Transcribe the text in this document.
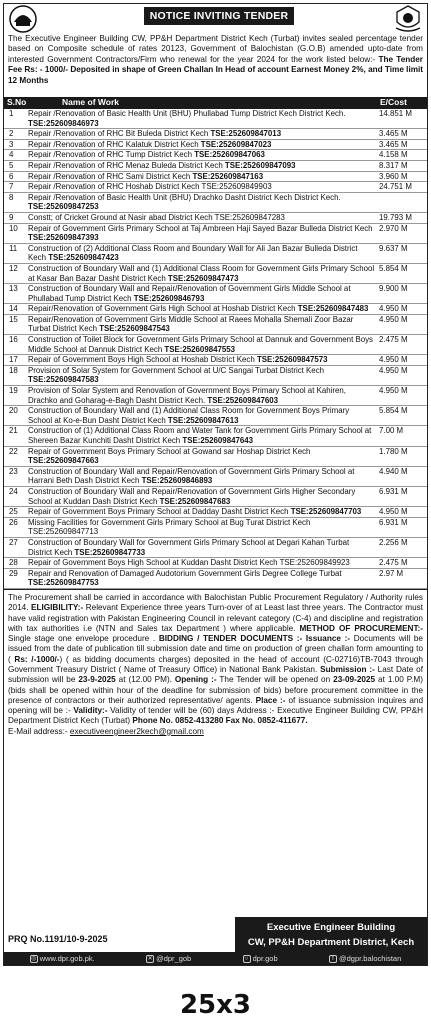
NOTICE INVITING TENDER
The Executive Engineer Building CW, PP&H Department District Kech (Turbat) invites sealed percentage tender based on Composite schedule of rates 20123, Government of Balochistan (G.O.B) amended upto-date from interested Government Contractors/Firm who renewal for the year 2024 for the work listed below:- The Tender Fee Rs: - 1000/- Deposited in shape of Green Challan In Head of account Earnest Money 2%, and Time limit 12 Months
S.No	Name of Work	E/Cost
1	Repair /Renovation of Basic Health Unit (BHU) Phullabad Tump District Kech District Kech. TSE:252609846973	14.851 M
2	Repair /Renovation of RHC Bit Buleda District Kech TSE:252609847013	3.465 M
3	Repair /Renovation of RHC Kalatuk District Kech TSE:252609847023	3.465 M
4	Repair /Renovation of RHC Tump District Kech TSE:252609847063	4.158 M
5	Repair /Renovation of RHC Menaz Buleda District Kech TSE:252609847093	8.317 M
6	Repair /Renovation of RHC Sami District Kech TSE:252609847163	3.960 M
7	Repair /Renovation of RHC Hoshab District Kech TSE:252609849903	24.751 M
8	Repair /Renovation of Basic Health Unit (BHU) Drachko Dasht District Kech District Kech. TSE:252609847253	
9	Constt; of Cricket Ground at Nasir abad District Kech TSE:252609847283	19.793 M
10	Repair of Government Girls Primary School at Taj Ambreen Haji Sayed Bazar Bulleda District Kech TSE:252609847393	2.970 M
11	Construction of (2) Additional Class Room and Boundary Wall for Ali Jan Bazar Bulleda District Kech TSE:252609847423	9.637 M
12	Construction of Boundary Wall and (1) Additional Class Room for Government Girls Primary School at Kasar Ban Bazar Dasht District Kech TSE:252609847473	5.854 M
13	Construction of Boundary Wall and Repair/Renovation of Government Girls Middle School at Phullabad Tump District Kech TSE:252609846793	9.900 M
14	Repair/Renovation of Government Girls High School at Hoshab District Kech TSE:252609847483	4.950 M
15	Repair/Renovation of Government Girls Middle School at Raees Mohalla Shemali Zoor Bazar Turbat District Kech TSE:252609847543	4.950 M
16	Construction of Toilet Block for Government Girls Primary School at Dannuk and Government Boys Middle School at Dannuk District Kech TSE:252609847553	2.475 M
17	Repair of Government Boys High School at Hoshab District Kech TSE:252609847573	4.950 M
18	Provision of Solar System for Government School at U/C Sangai Turbat District Kech TSE:252609847583	4.950 M
19	Provision of Solar System and Renovation of Government Boys Primary School at Kahiren, Drachko and Goharag-e-Bagh Dasht District Kech. TSE:252609847603	4.950 M
20	Construction of Boundary Wall and (1) Additional Class Room for Government Boys Primary School at Ko-e-Bun Dasht District Kech TSE:252609847613	5.854 M
21	Construction of (1) Additional Class Room and Water Tank for Government Girls Primary School at Shereen Bazar Kunchiti Dasht District Kech TSE:252609847643	7.00 M
22	Repair of Government Boys Primary School at Gowand sar Hoshap District Kech TSE:252609847663	1.780 M
23	Construction of Boundary Wall and Repair/Renovation of Government Girls Primary School at Harrani Beth Dash District Kech TSE:252609846893	4.940 M
24	Construction of Boundary Wall and Repair/Renovation of Government Girls Higher Secondary School at Kuddan Dash District Kech TSE:252609847683	6.931 M
25	Repair of Government Boys Primary School at Dadday Dasht District Kech TSE:252609847703	4.950 M
26	Missing Facilities for Government Girls Primary School at Bug Turat District Kech TSE:252609847713	6.931 M
27	Construction of Boundary Wall for Government Girls Primary School at Degari Kahan Turbat District Kech TSE:252609847733	2.256 M
28	Repair of Government Boys High School at Kuddan Dasht District Kech TSE:252609849923	2.475 M
29	Repair and Renovation of Damaged Audotorium Government Girls Degree College Turbat TSE:252609847753	2.97 M
The Procurement shall be carried in accordance with Balochistan Public Procurement Regulatory / Authority rules 2014. ELIGIBILITY:- Relevant Experience three years Turn-over of at Least last three years. The Contractor must have valid registration with Pakistan Engineering Council in relevant category (C-4) and discipline and registration with tax authorities i.e (NTN and Sales tax Department ) where applicable. METHOD OF PROCUREMENT:- Single stage one envelope procedure . BIDDING / TENDER DOCUMENTS :- Issuance :- Documents will be issued from the date of publication till submission date and time on production of green challan form amounting to ( Rs: /-1000/-) ( as bidding documents charges) deposited in the head of account (C-02716)TB-7043 through Government Treasury District ( Name of Treasury Office) in National Bank Pakistan. Submission :- Last Date of submission will be 23-9-2025 at (12.00 PM). Opening :- The Tender will be opened on 23-09-2025 at 1.00 P.M) (bids shall be opened within hour of the deadline for submission of bids) before procurement committee in the presence of contractors or their authorized representative/ agents. Place :- of issuance submission inquires and opening will be :- Validity:- Validity of tender will be (60) days Address :- Executive Engineer Building CW, PP&H Department District Kech (Turbat) Phone No. 0852-413280 Fax No. 0852-411677.
E-Mail address:- executiveengineer2kech@gmail.com
PRQ No.1191/10-9-2025
Executive Engineer Building
CW, PP&H Department District, Kech
◎ www.dpr.gob.pk.	✕ @dpr_gob	○ dpr.gob	f @dgpr.balochistan
25x3
